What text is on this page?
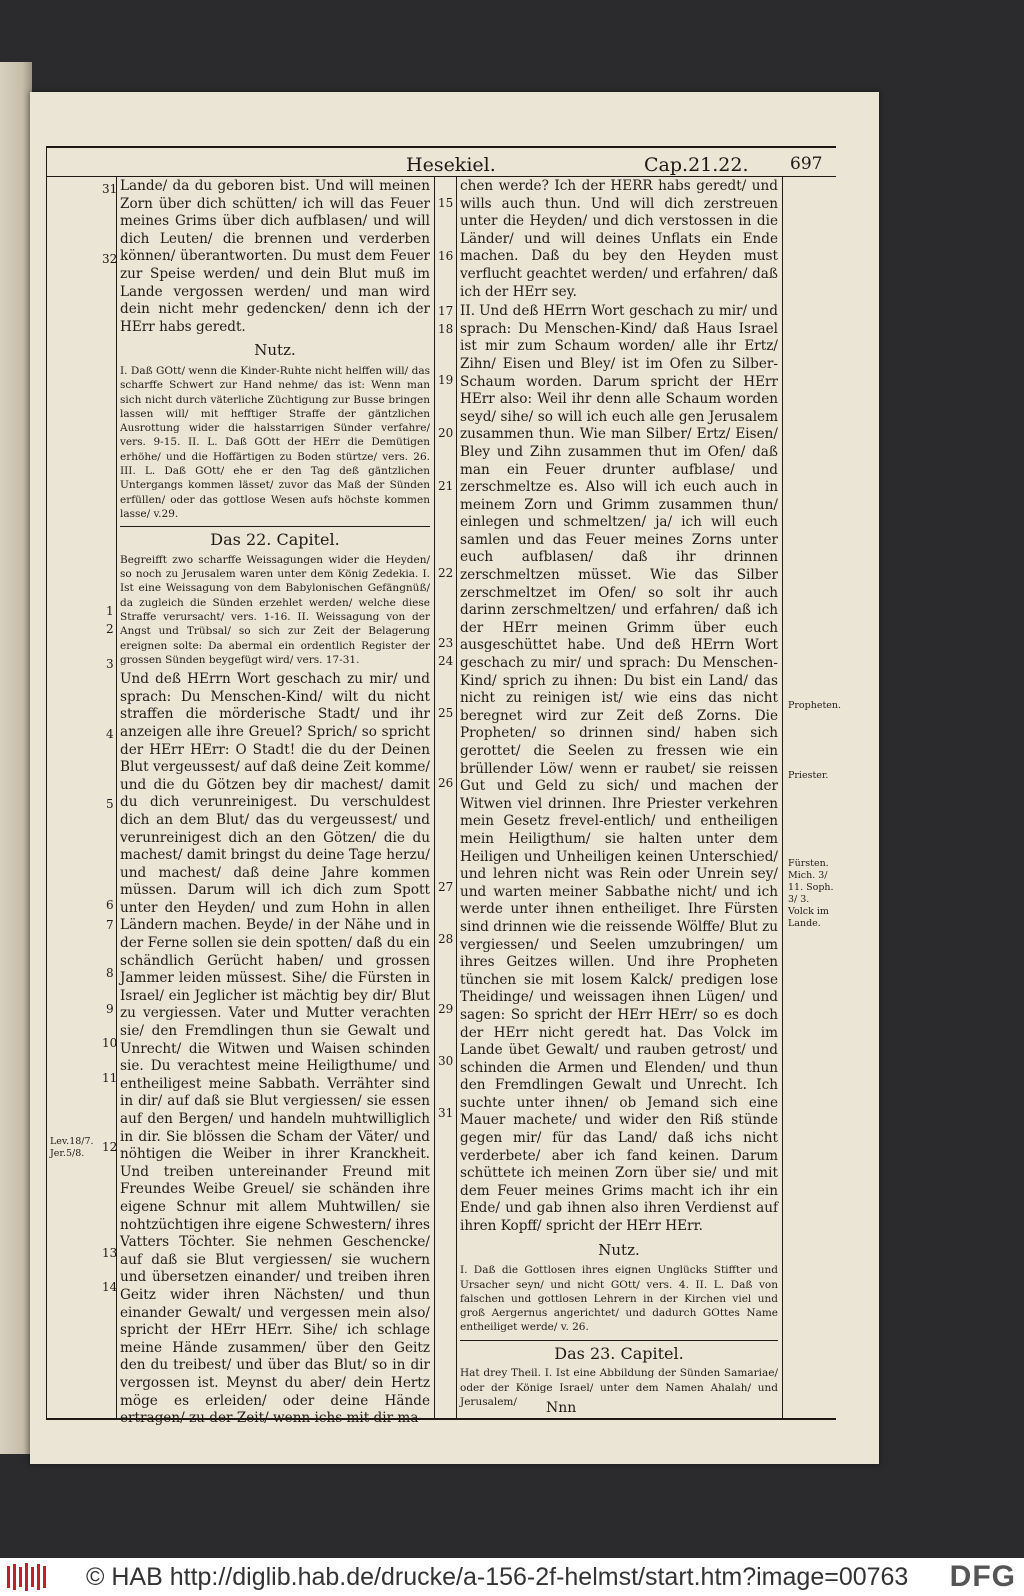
Hesekiel.	Cap.21.22.	697
31
32
1
2
3
4
5
6
7
8
9
10
11
12
13
14
Lev.18/7. Jer.5/8.

Lande/ da du geboren bist. Und will meinen Zorn über dich schütten/ ich will das Feuer meines Grims über dich aufblasen/ und will dich Leuten/ die brennen und verderben können/ überantworten. Du must dem Feuer zur Speise werden/ und dein Blut muß im Lande vergossen werden/ und man wird dein nicht mehr gedencken/ denn ich der HErr habs geredt.

Nutz.

I. Daß GOtt/ wenn die Kinder-Ruhte nicht helffen will/ das scharffe Schwert zur Hand nehme/ das ist: Wenn man sich nicht durch väterliche Züchtigung zur Busse bringen lassen will/ mit hefftiger Straffe der gäntzlichen Ausrottung wider die halsstarrigen Sünder verfahre/ vers. 9-15. II. L. Daß GOtt der HErr die Demütigen erhöhe/ und die Hoffärtigen zu Boden stürtze/ vers. 26. III. L. Daß GOtt/ ehe er den Tag deß gäntzlichen Untergangs kommen lässet/ zuvor das Maß der Sünden erfüllen/ oder das gottlose Wesen aufs höchste kommen lasse/ v.29.

Das 22. Capitel.

Begreifft zwo scharffe Weissagungen wider die Heyden/ so noch zu Jerusalem waren unter dem König Zedekia. I. Ist eine Weissagung von dem Babylonischen Gefängnüß/ da zugleich die Sünden erzehlet werden/ welche diese Straffe verursacht/ vers. 1-16. II. Weissagung von der Angst und Trübsal/ so sich zur Zeit der Belagerung ereignen solte: Da abermal ein ordentlich Register der grossen Sünden beygefügt wird/ vers. 17-31.

Und deß HErrn Wort geschach zu mir/ und sprach: Du Menschen-Kind/ wilt du nicht straffen die mörderische Stadt/ und ihr anzeigen alle ihre Greuel? Sprich/ so spricht der HErr HErr: O Stadt! die du der Deinen Blut vergeussest/ auf daß deine Zeit komme/ und die du Götzen bey dir machest/ damit du dich verunreinigest. Du verschuldest dich an dem Blut/ das du vergeussest/ und verunreinigest dich an den Götzen/ die du machest/ damit bringst du deine Tage herzu/ und machest/ daß deine Jahre kommen müssen. Darum will ich dich zum Spott unter den Heyden/ und zum Hohn in allen Ländern machen. Beyde/ in der Nähe und in der Ferne sollen sie dein spotten/ daß du ein schändlich Gerücht haben/ und grossen Jammer leiden müssest. Sihe/ die Fürsten in Israel/ ein Jeglicher ist mächtig bey dir/ Blut zu vergiessen. Vater und Mutter verachten sie/ den Fremdlingen thun sie Gewalt und Unrecht/ die Witwen und Waisen schinden sie. Du verachtest meine Heiligthume/ und entheiligest meine Sabbath. Verrähter sind in dir/ auf daß sie Blut vergiessen/ sie essen auf den Bergen/ und handeln muhtwilliglich in dir. Sie blössen die Scham der Väter/ und nöhtigen die Weiber in ihrer Kranckheit. Und treiben untereinander Freund mit Freundes Weibe Greuel/ sie schänden ihre eigene Schnur mit allem Muhtwillen/ sie nohtzüchtigen ihre eigene Schwestern/ ihres Vatters Töchter. Sie nehmen Geschencke/ auf daß sie Blut vergiessen/ sie wuchern und übersetzen einander/ und treiben ihren Geitz wider ihren Nächsten/ und thun einander Gewalt/ und vergessen mein also/ spricht der HErr HErr. Sihe/ ich schlage meine Hände zusammen/ über den Geitz den du treibest/ und über das Blut/ so in dir vergossen ist. Meynst du aber/ dein Hertz möge es erleiden/ oder deine Hände ertragen/ zu der Zeit/ wenn ichs mit dir ma-

15
16
17
18
19
20
21
22
23
24
25
26
27
28
29
30
31

chen werde? Ich der HERR habs geredt/ und wills auch thun. Und will dich zerstreuen unter die Heyden/ und dich verstossen in die Länder/ und will deines Unflats ein Ende machen. Daß du bey den Heyden must verflucht geachtet werden/ und erfahren/ daß ich der HErr sey.

II. Und deß HErrn Wort geschach zu mir/ und sprach: Du Menschen-Kind/ daß Haus Israel ist mir zum Schaum worden/ alle ihr Ertz/ Zihn/ Eisen und Bley/ ist im Ofen zu Silber-Schaum worden. Darum spricht der HErr HErr also: Weil ihr denn alle Schaum worden seyd/ sihe/ so will ich euch alle gen Jerusalem zusammen thun. Wie man Silber/ Ertz/ Eisen/ Bley und Zihn zusammen thut im Ofen/ daß man ein Feuer drunter aufblase/ und zerschmeltze es. Also will ich euch auch in meinem Zorn und Grimm zusammen thun/ einlegen und schmeltzen/ ja/ ich will euch samlen und das Feuer meines Zorns unter euch aufblasen/ daß ihr drinnen zerschmeltzen müsset. Wie das Silber zerschmeltzet im Ofen/ so solt ihr auch darinn zerschmeltzen/ und erfahren/ daß ich der HErr meinen Grimm über euch ausgeschüttet habe. Und deß HErrn Wort geschach zu mir/ und sprach: Du Menschen-Kind/ sprich zu ihnen: Du bist ein Land/ das nicht zu reinigen ist/ wie eins das nicht beregnet wird zur Zeit deß Zorns. Die Propheten/ so drinnen sind/ haben sich gerottet/ die Seelen zu fressen wie ein brüllender Löw/ wenn er raubet/ sie reissen Gut und Geld zu sich/ und machen der Witwen viel drinnen. Ihre Priester verkehren mein Gesetz frevel-entlich/ und entheiligen mein Heiligthum/ sie halten unter dem Heiligen und Unheiligen keinen Unterschied/ und lehren nicht was Rein oder Unrein sey/ und warten meiner Sabbathe nicht/ und ich werde unter ihnen entheiliget. Ihre Fürsten sind drinnen wie die reissende Wölffe/ Blut zu vergiessen/ und Seelen umzubringen/ um ihres Geitzes willen. Und ihre Propheten tünchen sie mit losem Kalck/ predigen lose Theidinge/ und weissagen ihnen Lügen/ und sagen: So spricht der HErr HErr/ so es doch der HErr nicht geredt hat. Das Volck im Lande übet Gewalt/ und rauben getrost/ und schinden die Armen und Elenden/ und thun den Fremdlingen Gewalt und Unrecht. Ich suchte unter ihnen/ ob Jemand sich eine Mauer machete/ und wider den Riß stünde gegen mir/ für das Land/ daß ichs nicht verderbete/ aber ich fand keinen. Darum schüttete ich meinen Zorn über sie/ und mit dem Feuer meines Grims macht ich ihr ein Ende/ und gab ihnen also ihren Verdienst auf ihren Kopff/ spricht der HErr HErr.

Nutz.

I. Daß die Gottlosen ihres eignen Unglücks Stiffter und Ursacher seyn/ und nicht GOtt/ vers. 4. II. L. Daß von falschen und gottlosen Lehrern in der Kirchen viel und groß Aergernus angerichtet/ und dadurch GOttes Name entheiliget werde/ v. 26.

Das 23. Capitel.

Hat drey Theil. I. Ist eine Abbildung der Sünden Samariae/ oder der Könige Israel/ unter dem Namen Ahalah/ und Jerusalem/

Propheten.
Priester.
Fürsten. Mich. 3/ 11. Soph. 3/ 3. Volck im Lande.
Nnn
© HAB http://diglib.hab.de/drucke/a-156-2f-helmst/start.htm?image=00763 DFG
